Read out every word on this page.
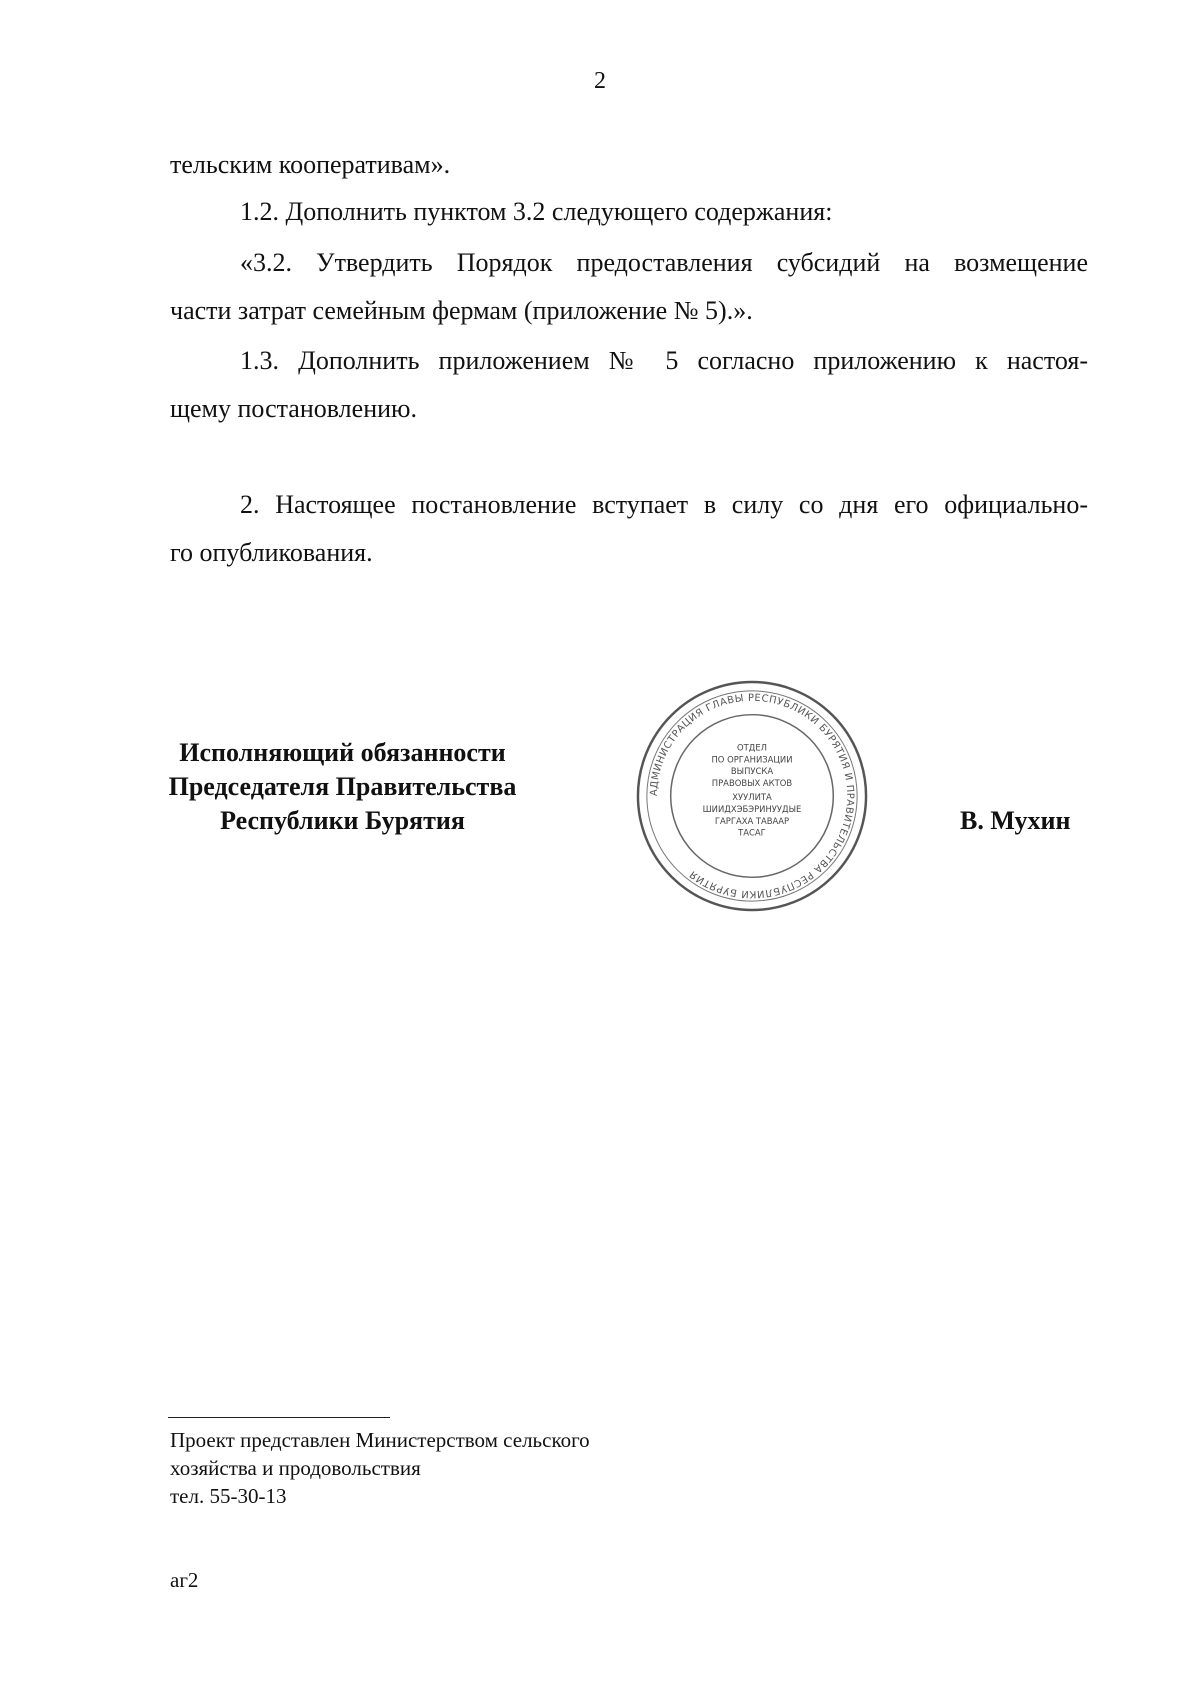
2
тельским кооперативам».
1.2. Дополнить пунктом 3.2 следующего содержания:
«3.2. Утвердить Порядок предоставления субсидий на возмещение
части затрат семейным фермам (приложение № 5).».
1.3. Дополнить приложением № 5 согласно приложению к настоя-
щему постановлению.
2. Настоящее постановление вступает в силу со дня его официально-
го опубликования.
Исполняющий обязанности
Председателя Правительства
Республики Бурятия
АДМИНИСТРАЦИЯ ГЛАВЫ РЕСПУБЛИКИ БУРЯТИЯ И ПРАВИТЕЛЬСТВА РЕСПУБЛИКИ БУРЯТИЯ
ОТДЕЛ
ПО ОРГАНИЗАЦИИ
ВЫПУСКА
ПРАВОВЫХ АКТОВ
ХУУЛИТА
ШИИДХЭБЭРИНУУДЫЕ
ГАРГАХА ТАВААР
ТАСАГ	В. Мухин
Проект представлен Министерством сельского
хозяйства и продовольствия
тел. 55-30-13
аг2
